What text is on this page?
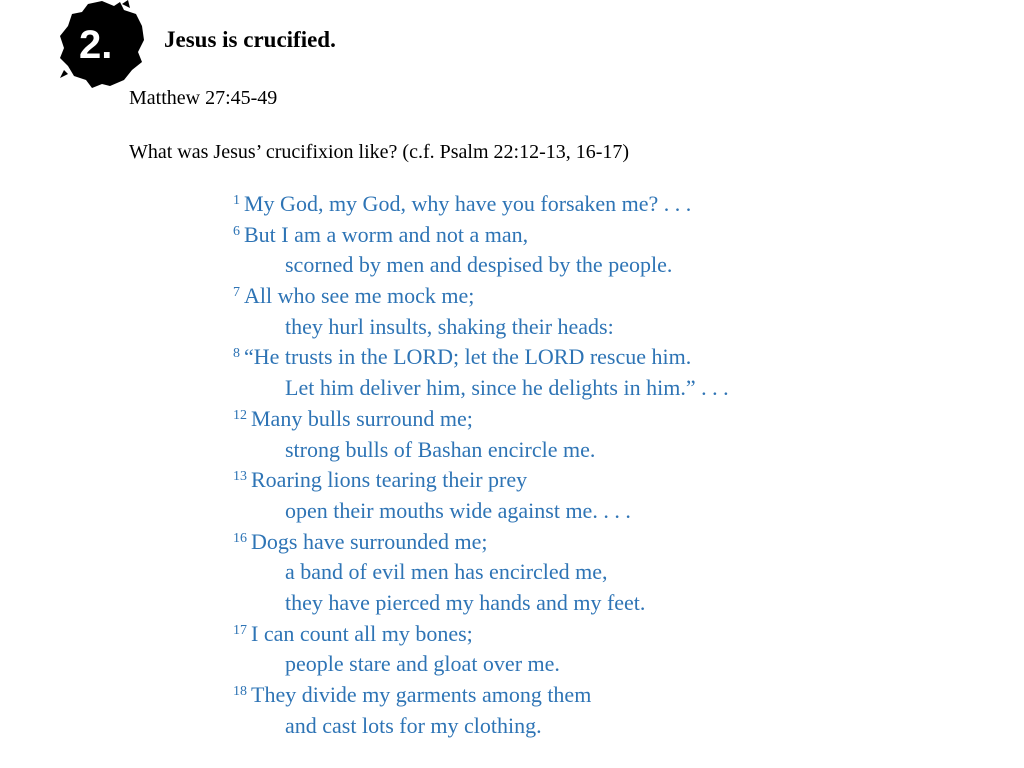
2. Jesus is crucified.
Matthew 27:45-49
What was Jesus’ crucifixion like? (c.f. Psalm 22:12-13, 16-17)
$^1$ My God, my God, why have you forsaken me? . . .
$^6$ But I am a worm and not a man,
scorned by men and despised by the people.
$^7$ All who see me mock me;
they hurl insults, shaking their heads:
$^8$ “He trusts in the LORD; let the LORD rescue him.
Let him deliver him, since he delights in him.” . . .
$^{12}$ Many bulls surround me;
strong bulls of Bashan encircle me.
$^{13}$ Roaring lions tearing their prey
open their mouths wide against me. . . .
$^{16}$ Dogs have surrounded me;
a band of evil men has encircled me,
they have pierced my hands and my feet.
$^{17}$ I can count all my bones;
people stare and gloat over me.
$^{18}$ They divide my garments among them
and cast lots for my clothing.
